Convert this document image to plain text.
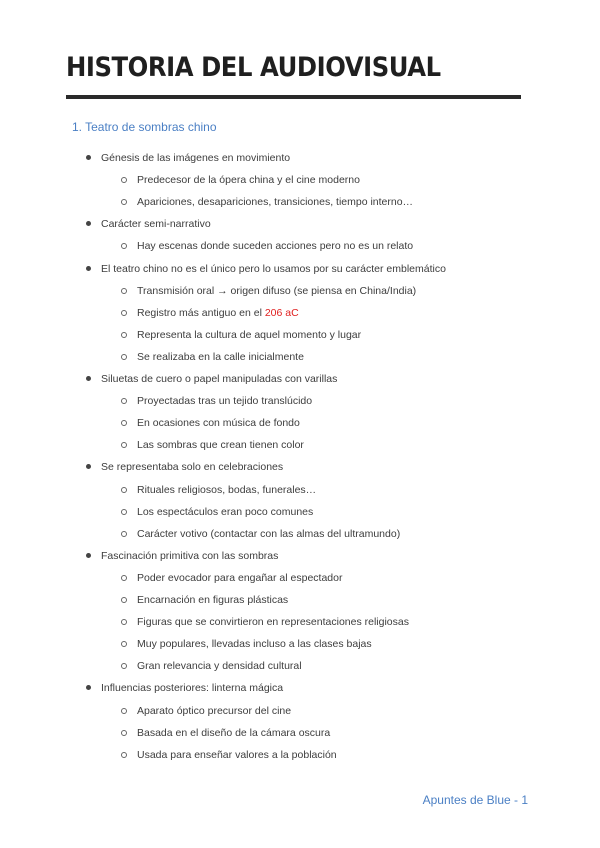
HISTORIA DEL AUDIOVISUAL
1. Teatro de sombras chino
Génesis de las imágenes en movimiento
Predecesor de la ópera china y el cine moderno
Apariciones, desapariciones, transiciones, tiempo interno…
Carácter semi-narrativo
Hay escenas donde suceden acciones pero no es un relato
El teatro chino no es el único pero lo usamos por su carácter emblemático
Transmisión oral → origen difuso (se piensa en China/India)
Registro más antiguo en el 206 aC
Representa la cultura de aquel momento y lugar
Se realizaba en la calle inicialmente
Siluetas de cuero o papel manipuladas con varillas
Proyectadas tras un tejido translúcido
En ocasiones con música de fondo
Las sombras que crean tienen color
Se representaba solo en celebraciones
Rituales religiosos, bodas, funerales…
Los espectáculos eran poco comunes
Carácter votivo (contactar con las almas del ultramundo)
Fascinación primitiva con las sombras
Poder evocador para engañar al espectador
Encarnación en figuras plásticas
Figuras que se convirtieron en representaciones religiosas
Muy populares, llevadas incluso a las clases bajas
Gran relevancia y densidad cultural
Influencias posteriores: linterna mágica
Aparato óptico precursor del cine
Basada en el diseño de la cámara oscura
Usada para enseñar valores a la población

Apuntes de Blue - 1
